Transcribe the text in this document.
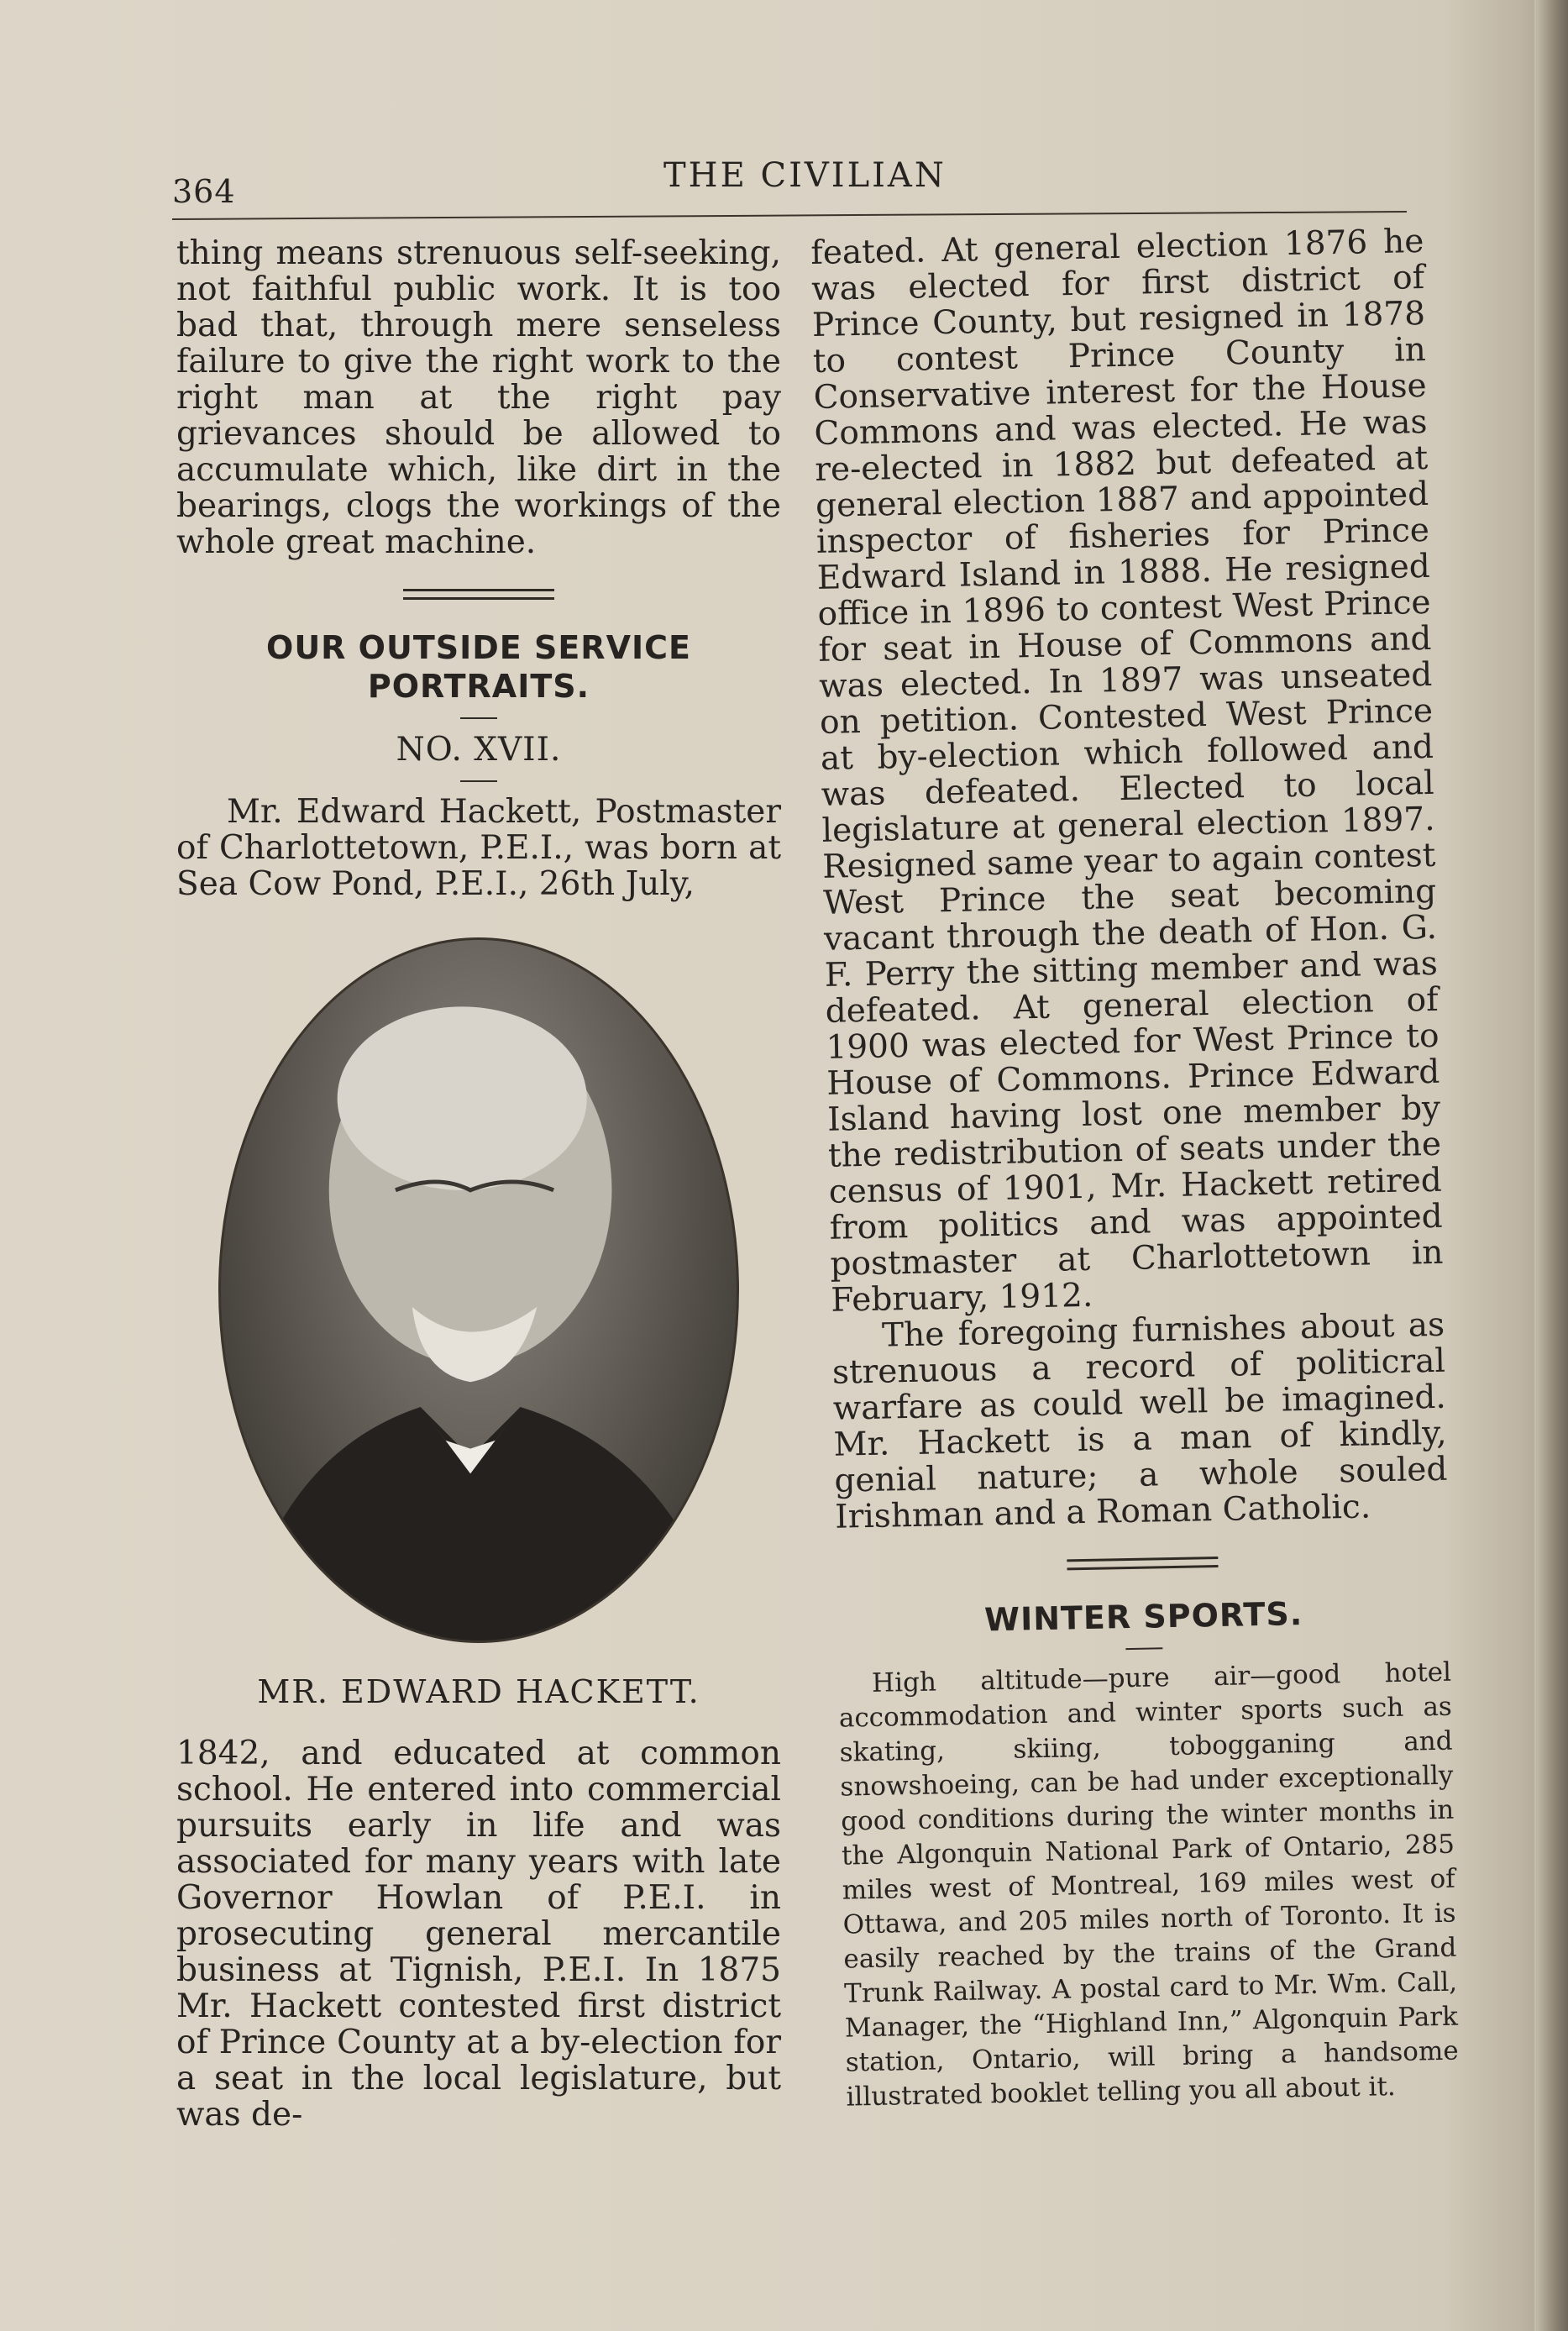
364	THE CIVILIAN

thing means strenuous self-seeking, not faithful public work. It is too bad that, through mere senseless failure to give the right work to the right man at the right pay grievances should be allowed to accumulate which, like dirt in the bearings, clogs the workings of the whole great machine.

OUR OUTSIDE SERVICE PORTRAITS.

NO. XVII.

Mr. Edward Hackett, Postmaster of Charlottetown, P.E.I., was born at Sea Cow Pond, P.E.I., 26th July,

MR. EDWARD HACKETT.

1842, and educated at common school. He entered into commercial pursuits early in life and was associated for many years with late Governor Howlan of P.E.I. in prosecuting general mercantile business at Tignish, P.E.I. In 1875 Mr. Hackett contested first district of Prince County at a by-election for a seat in the local legislature, but was de-

feated. At general election 1876 he was elected for first district of Prince County, but resigned in 1878 to contest Prince County in Conservative interest for the House Commons and was elected. He was re-elected in 1882 but defeated at general election 1887 and appointed inspector of fisheries for Prince Edward Island in 1888. He resigned office in 1896 to contest West Prince for seat in House of Commons and was elected. In 1897 was unseated on petition. Contested West Prince at by-election which followed and was defeated. Elected to local legislature at general election 1897. Resigned same year to again contest West Prince the seat becoming vacant through the death of Hon. G. F. Perry the sitting member and was defeated. At general election of 1900 was elected for West Prince to House of Commons. Prince Edward Island having lost one member by the redistribution of seats under the census of 1901, Mr. Hackett retired from politics and was appointed postmaster at Charlottetown in February, 1912.

The foregoing furnishes about as strenuous a record of politicral warfare as could well be imagined. Mr. Hackett is a man of kindly, genial nature; a whole souled Irishman and a Roman Catholic.

WINTER SPORTS.

High altitude—pure air—good hotel accommodation and winter sports such as skating, skiing, tobogganing and snowshoeing, can be had under exceptionally good conditions during the winter months in the Algonquin National Park of Ontario, 285 miles west of Montreal, 169 miles west of Ottawa, and 205 miles north of Toronto. It is easily reached by the trains of the Grand Trunk Railway. A postal card to Mr. Wm. Call, Manager, the “Highland Inn,” Algonquin Park station, Ontario, will bring a handsome illustrated booklet telling you all about it.
